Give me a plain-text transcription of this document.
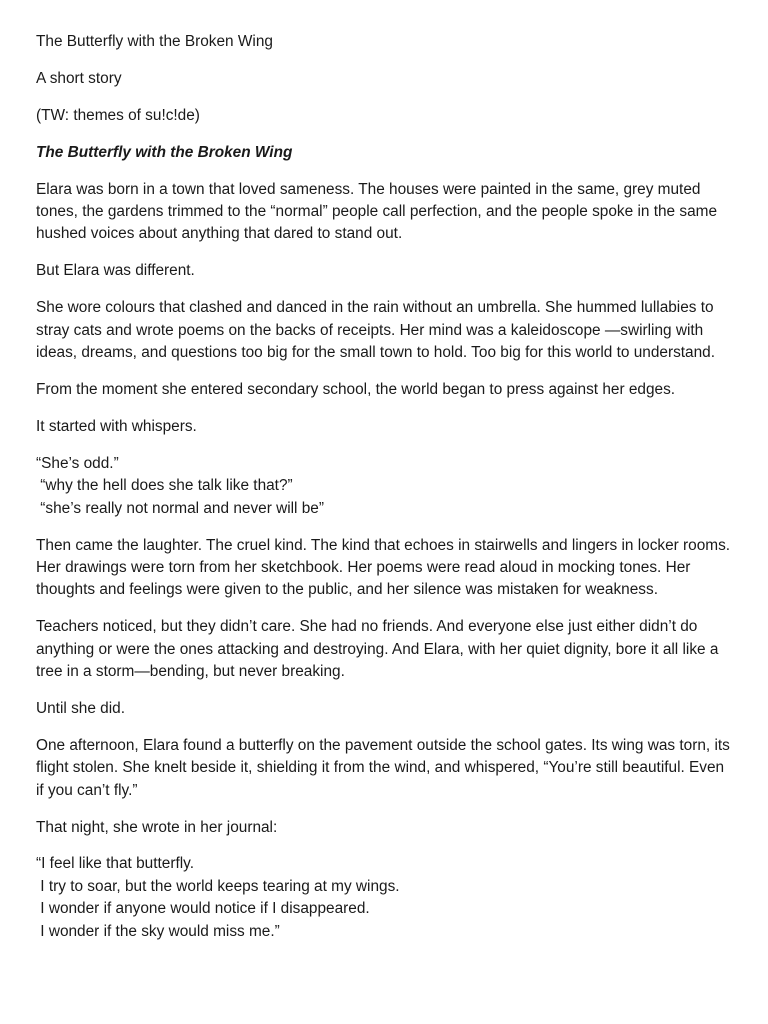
The Butterfly with the Broken Wing

A short story

(TW: themes of su!c!de)

The Butterfly with the Broken Wing

Elara was born in a town that loved sameness. The houses were painted in the same, grey muted tones, the gardens trimmed to the “normal” people call perfection, and the people spoke in the same hushed voices about anything that dared to stand out.

But Elara was different.

She wore colours that clashed and danced in the rain without an umbrella. She hummed lullabies to stray cats and wrote poems on the backs of receipts. Her mind was a kaleidoscope —swirling with ideas, dreams, and questions too big for the small town to hold. Too big for this world to understand.

From the moment she entered secondary school, the world began to press against her edges.

It started with whispers.

“She’s odd.”
“why the hell does she talk like that?”
“she’s really not normal and never will be”

Then came the laughter. The cruel kind. The kind that echoes in stairwells and lingers in locker rooms. Her drawings were torn from her sketchbook. Her poems were read aloud in mocking tones. Her thoughts and feelings were given to the public, and her silence was mistaken for weakness.

Teachers noticed, but they didn’t care. She had no friends. And everyone else just either didn’t do anything or were the ones attacking and destroying. And Elara, with her quiet dignity, bore it all like a tree in a storm—bending, but never breaking.

Until she did.

One afternoon, Elara found a butterfly on the pavement outside the school gates. Its wing was torn, its flight stolen. She knelt beside it, shielding it from the wind, and whispered, “You’re still beautiful. Even if you can’t fly.”

That night, she wrote in her journal:

“I feel like that butterfly.
I try to soar, but the world keeps tearing at my wings.
I wonder if anyone would notice if I disappeared.
I wonder if the sky would miss me.”
